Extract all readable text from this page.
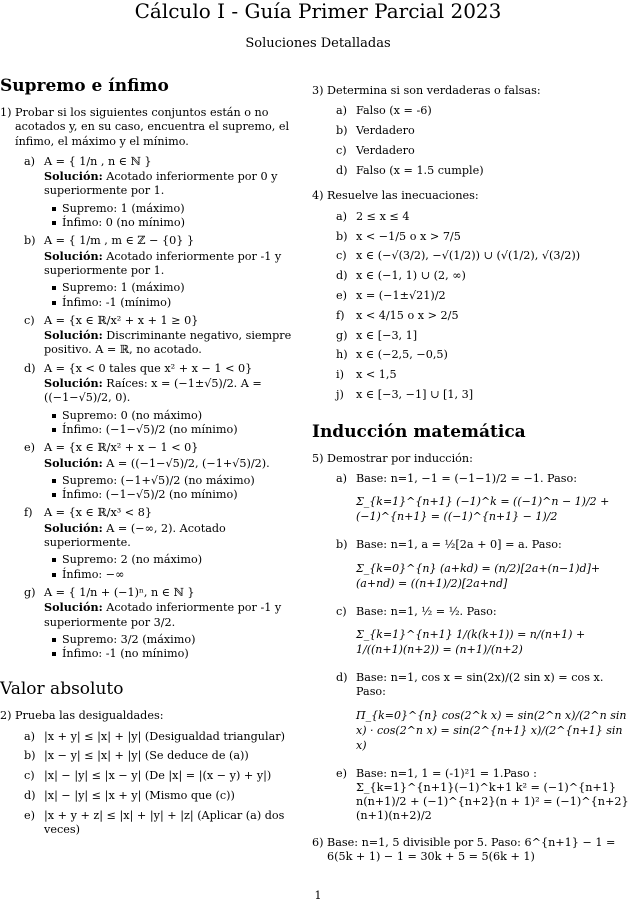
Cálculo I - Guía Primer Parcial 2023
Soluciones Detalladas
Supremo e ínfimo
1) Probar si los siguientes conjuntos están o no acotados y, en su caso, encuentra el supremo, el ínfimo, el máximo y el mínimo.
a) A = { 1/n , n ∈ ℕ }
Solución: Acotado inferiormente por 0 y superiormente por 1.
Supremo: 1 (máximo)
Ínfimo: 0 (no mínimo)
b) A = { 1/m , m ∈ ℤ − {0} }
Solución: Acotado inferiormente por -1 y superiormente por 1.
Supremo: 1 (máximo)
Ínfimo: -1 (mínimo)
c) A = {x ∈ ℝ/x² + x + 1 ≥ 0}
Solución: Discriminante negativo, siempre positivo. A = ℝ, no acotado.
d) A = {x < 0 tales que x² + x − 1 < 0}
Solución: Raíces: x = (−1±√5)/2. A = ((−1−√5)/2, 0).
Supremo: 0 (no máximo)
Ínfimo: (−1−√5)/2 (no mínimo)
e) A = {x ∈ ℝ/x² + x − 1 < 0}
Solución: A = ((−1−√5)/2, (−1+√5)/2).
Supremo: (−1+√5)/2 (no máximo)
Ínfimo: (−1−√5)/2 (no mínimo)
f) A = {x ∈ ℝ/x³ < 8}
Solución: A = (−∞, 2). Acotado superiormente.
Supremo: 2 (no máximo)
Ínfimo: −∞
g) A = { 1/n + (−1)ⁿ, n ∈ ℕ }
Solución: Acotado inferiormente por -1 y superiormente por 3/2.
Supremo: 3/2 (máximo)
Ínfimo: -1 (no mínimo)
Valor absoluto
2) Prueba las desigualdades:
a) |x + y| ≤ |x| + |y| (Desigualdad triangular)
b) |x − y| ≤ |x| + |y| (Se deduce de (a))
c) |x| − |y| ≤ |x − y| (De |x| = |(x − y) + y|)
d) |x| − |y| ≤ |x + y| (Mismo que (c))
e) |x + y + z| ≤ |x| + |y| + |z| (Aplicar (a) dos veces)
3) Determina si son verdaderas o falsas:
a) Falso (x = -6)
b) Verdadero
c) Verdadero
d) Falso (x = 1.5 cumple)
4) Resuelve las inecuaciones:
a) 2 ≤ x ≤ 4
b) x < −1/5 o x > 7/5
c) x ∈ (−√(3/2), −√(1/2)) ∪ (√(1/2), √(3/2))
d) x ∈ (−1, 1) ∪ (2, ∞)
e) x = (−1±√21)/2
f) x < 4/15 o x > 2/5
g) x ∈ [−3, 1]
h) x ∈ (−2,5, −0,5)
i) x < 1,5
j) x ∈ [−3, −1] ∪ [1, 3]
Inducción matemática
5) Demostrar por inducción:
a) Base: n=1, −1 = (−1−1)/2 = −1. Paso:
Σ_{k=1}^{n+1} (−1)^k = ((−1)^n − 1)/2 + (−1)^{n+1} = ((−1)^{n+1} − 1)/2
b) Base: n=1, a = ½[2a + 0] = a. Paso:
Σ_{k=0}^{n} (a+kd) = (n/2)[2a+(n−1)d]+(a+nd) = ((n+1)/2)[2a+nd]
c) Base: n=1, ½ = ½. Paso:
Σ_{k=1}^{n+1} 1/(k(k+1)) = n/(n+1) + 1/((n+1)(n+2)) = (n+1)/(n+2)
d) Base: n=1, cos x = sin(2x)/(2 sin x) = cos x. Paso:
Π_{k=0}^{n} cos(2^k x) = sin(2^n x)/(2^n sin x) · cos(2^n x) = sin(2^{n+1} x)/(2^{n+1} sin x)
e) Base: n=1, 1 = (-1)²1 = 1.Paso : Σ_{k=1}^{n+1}(−1)^k+1 k² = (−1)^{n+1} n(n+1)/2 + (−1)^{n+2}(n + 1)² = (−1)^{n+2} (n+1)(n+2)/2
6) Base: n=1, 5 divisible por 5. Paso: 6^{n+1} − 1 = 6(5k + 1) − 1 = 30k + 5 = 5(6k + 1)
1
